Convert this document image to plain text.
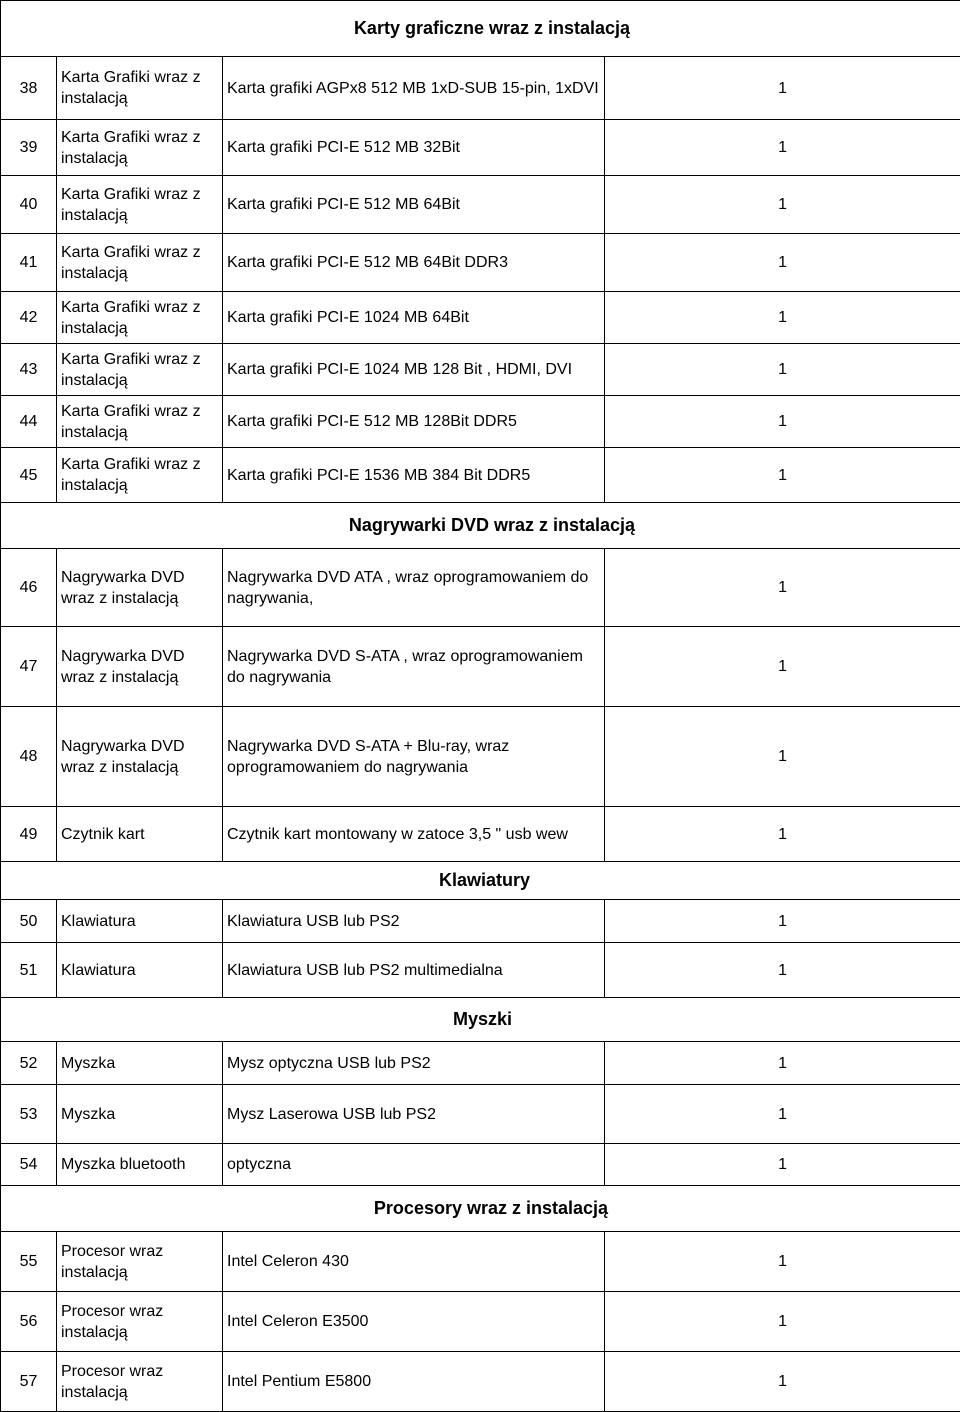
Karty graficzne wraz z instalacją			
38	Karta Grafiki wraz z instalacją	Karta grafiki AGPx8 512 MB 1xD-SUB 15-pin, 1xDVI	1
39	Karta Grafiki wraz z instalacją	Karta grafiki PCI-E 512 MB 32Bit	1
40	Karta Grafiki wraz z instalacją	Karta grafiki PCI-E 512 MB 64Bit	1
41	Karta Grafiki wraz z instalacją	Karta grafiki PCI-E 512 MB 64Bit DDR3	1
42	Karta Grafiki wraz z instalacją	Karta grafiki PCI-E 1024 MB 64Bit	1
43	Karta Grafiki wraz z instalacją	Karta grafiki PCI-E 1024 MB 128 Bit , HDMI, DVI	1
44	Karta Grafiki wraz z instalacją	Karta grafiki PCI-E 512 MB 128Bit DDR5	1
45	Karta Grafiki wraz z instalacją	Karta grafiki PCI-E 1536 MB 384 Bit DDR5	1
Nagrywarki DVD wraz z instalacją			
46	Nagrywarka DVD wraz z instalacją	Nagrywarka DVD ATA , wraz oprogramowaniem do nagrywania,	1
47	Nagrywarka DVD wraz z instalacją	Nagrywarka DVD S-ATA , wraz oprogramowaniem do nagrywania	1
48	Nagrywarka DVD wraz z instalacją	Nagrywarka DVD S-ATA + Blu-ray, wraz oprogramowaniem do nagrywania	1
49	Czytnik kart	Czytnik kart montowany w zatoce 3,5 " usb wew	1
Klawiatury			
50	Klawiatura	Klawiatura USB lub PS2	1
51	Klawiatura	Klawiatura USB lub PS2 multimedialna	1
Myszki			
52	Myszka	Mysz optyczna USB lub PS2	1
53	Myszka	Mysz Laserowa USB lub PS2	1
54	Myszka bluetooth	optyczna	1
Procesory wraz z instalacją			
55	Procesor wraz instalacją	Intel Celeron 430	1
56	Procesor wraz instalacją	Intel Celeron E3500	1
57	Procesor wraz instalacją	Intel Pentium E5800	1
